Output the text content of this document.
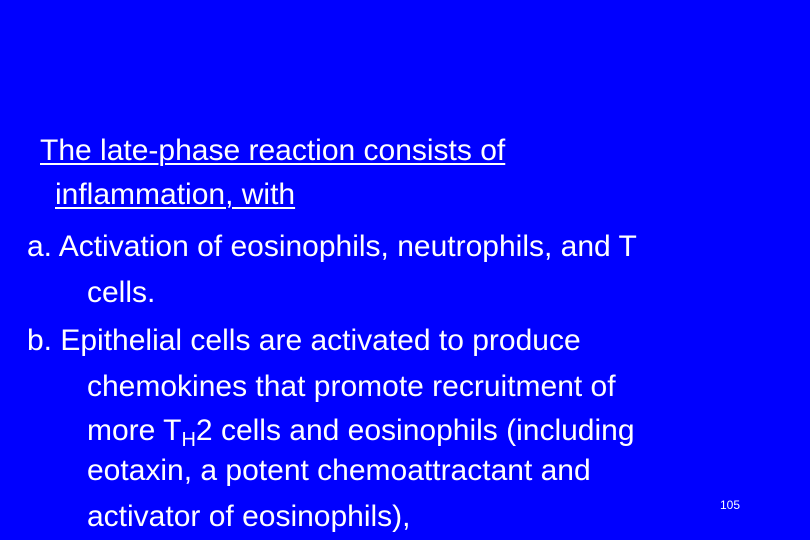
The late-phase reaction consists of
inflammation, with
a. Activation of eosinophils, neutrophils, and T
cells.
b. Epithelial cells are activated to produce
chemokines that promote recruitment of
more $T_H2$ cells and eosinophils (including
eotaxin, a potent chemoattractant and
activator of eosinophils),	105
